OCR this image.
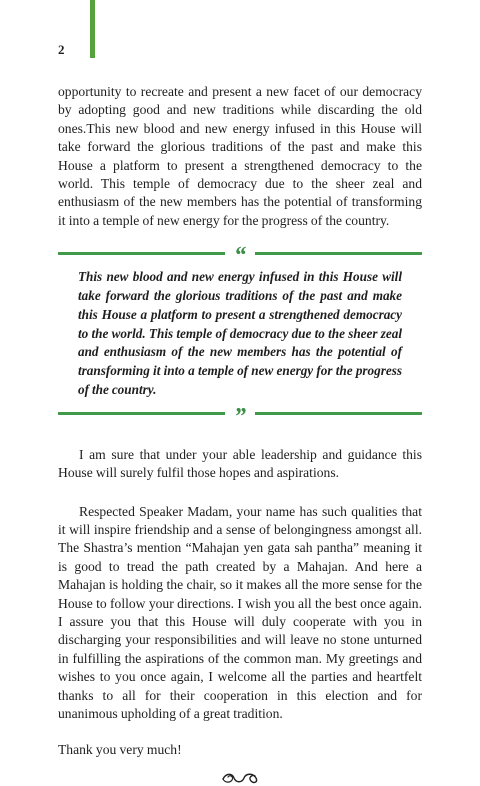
2

opportunity to recreate and present a new facet of our democracy by adopting good and new traditions while discarding the old ones.This new blood and new energy infused in this House will take forward the glorious traditions of the past and make this House a platform to present a strengthened democracy to the world. This temple of democracy due to the sheer zeal and enthusiasm of the new members has the potential of transforming it into a temple of new energy for the progress of the country.

“
This new blood and new energy infused in this House will take forward the glorious traditions of the past and make this House a platform to present a strengthened democracy to the world. This temple of democracy due to the sheer zeal and enthusiasm of the new members has the potential of transforming it into a temple of new energy for the progress of the country.
”

I am sure that under your able leadership and guidance this House will surely fulfil those hopes and aspirations.

Respected Speaker Madam, your name has such qualities that it will inspire friendship and a sense of belongingness amongst all. The Shastra’s mention “Mahajan yen gata sah pantha” meaning it is good to tread the path created by a Mahajan. And here a Mahajan is holding the chair, so it makes all the more sense for the House to follow your directions. I wish you all the best once again. I assure you that this House will duly cooperate with you in discharging your responsibilities and will leave no stone unturned in fulfilling the aspirations of the common man. My greetings and wishes to you once again, I welcome all the parties and heartfelt thanks to all for their cooperation in this election and for unanimous upholding of a great tradition.

Thank you very much!
